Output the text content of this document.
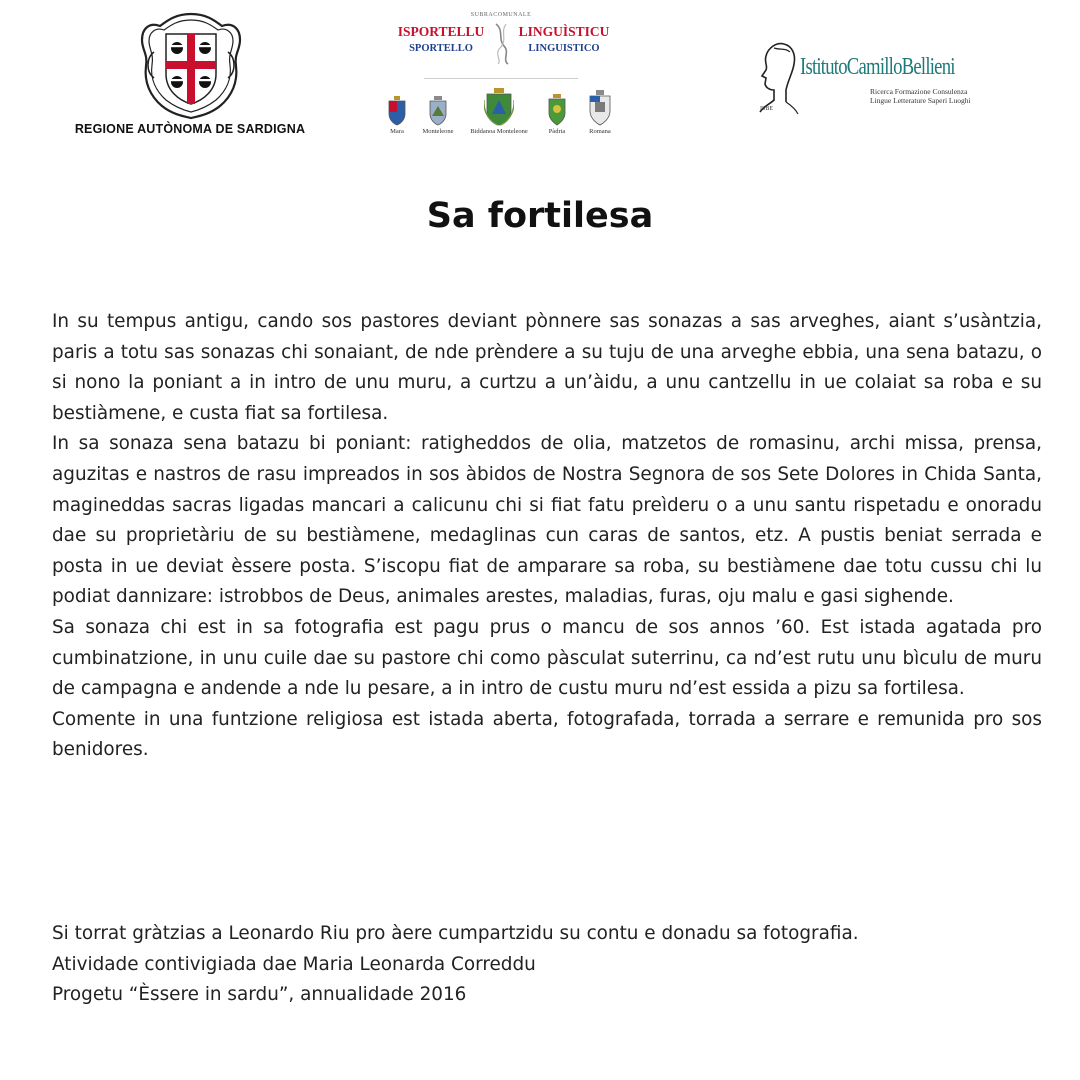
REGIONE AUTÒNOMA DE SARDIGNA
SUBRACOMUNALE
ISPORTELLU
SPORTELLO
LINGUÌSTICU
LINGUISTICO
Mara	Monteleone	Biddanoa Monteleone	Pàdria	Romana
IstitutoCamilloBellieni
Ricerca Formazione Consulenza
Lingue Letterature Saperi Luoghi
ISBE
Sa fortilesa

In su tempus antigu, cando sos pastores deviant pònnere sas sonazas a sas arveghes, aiant s’usàntzia, paris a totu sas sonazas chi sonaiant, de nde prèndere a su tuju de una arveghe ebbia, una sena batazu, o si nono la poniant a in intro de unu muru, a curtzu a un’àidu, a unu cantzellu in ue colaiat sa roba e su bestiàmene, e custa fiat sa fortilesa.

In sa sonaza sena batazu bi poniant: ratigheddos de olia, matzetos de romasinu, archi missa, prensa, aguzitas e nastros de rasu impreados in sos àbidos de Nostra Segnora de sos Sete Dolores in Chida Santa, magineddas sacras ligadas mancari a calicunu chi si fiat fatu preìderu o a unu santu rispetadu e onoradu dae su proprietàriu de su bestiàmene, medaglinas cun caras de santos, etz. A pustis beniat serrada e posta in ue deviat èssere posta. S’iscopu fiat de amparare sa roba, su bestiàmene dae totu cussu chi lu podiat dannizare: istrobbos de Deus, animales arestes, maladias, furas, oju malu e gasi sighende.

Sa sonaza chi est in sa fotografia est pagu prus o mancu de sos annos ’60. Est istada agatada pro cumbinatzione, in unu cuile dae su pastore chi como pàsculat suterrinu, ca nd’est rutu unu bìculu de muru de campagna e andende a nde lu pesare, a in intro de custu muru nd’est essida a pizu sa fortilesa.

Comente in una funtzione religiosa est istada aberta, fotografada, torrada a serrare e remunida pro sos benidores.

Si torrat gràtzias a Leonardo Riu pro àere cumpartzidu su contu e donadu sa fotografia.

Atividade contivigiada dae Maria Leonarda Correddu

Progetu “Èssere in sardu”, annualidade 2016
